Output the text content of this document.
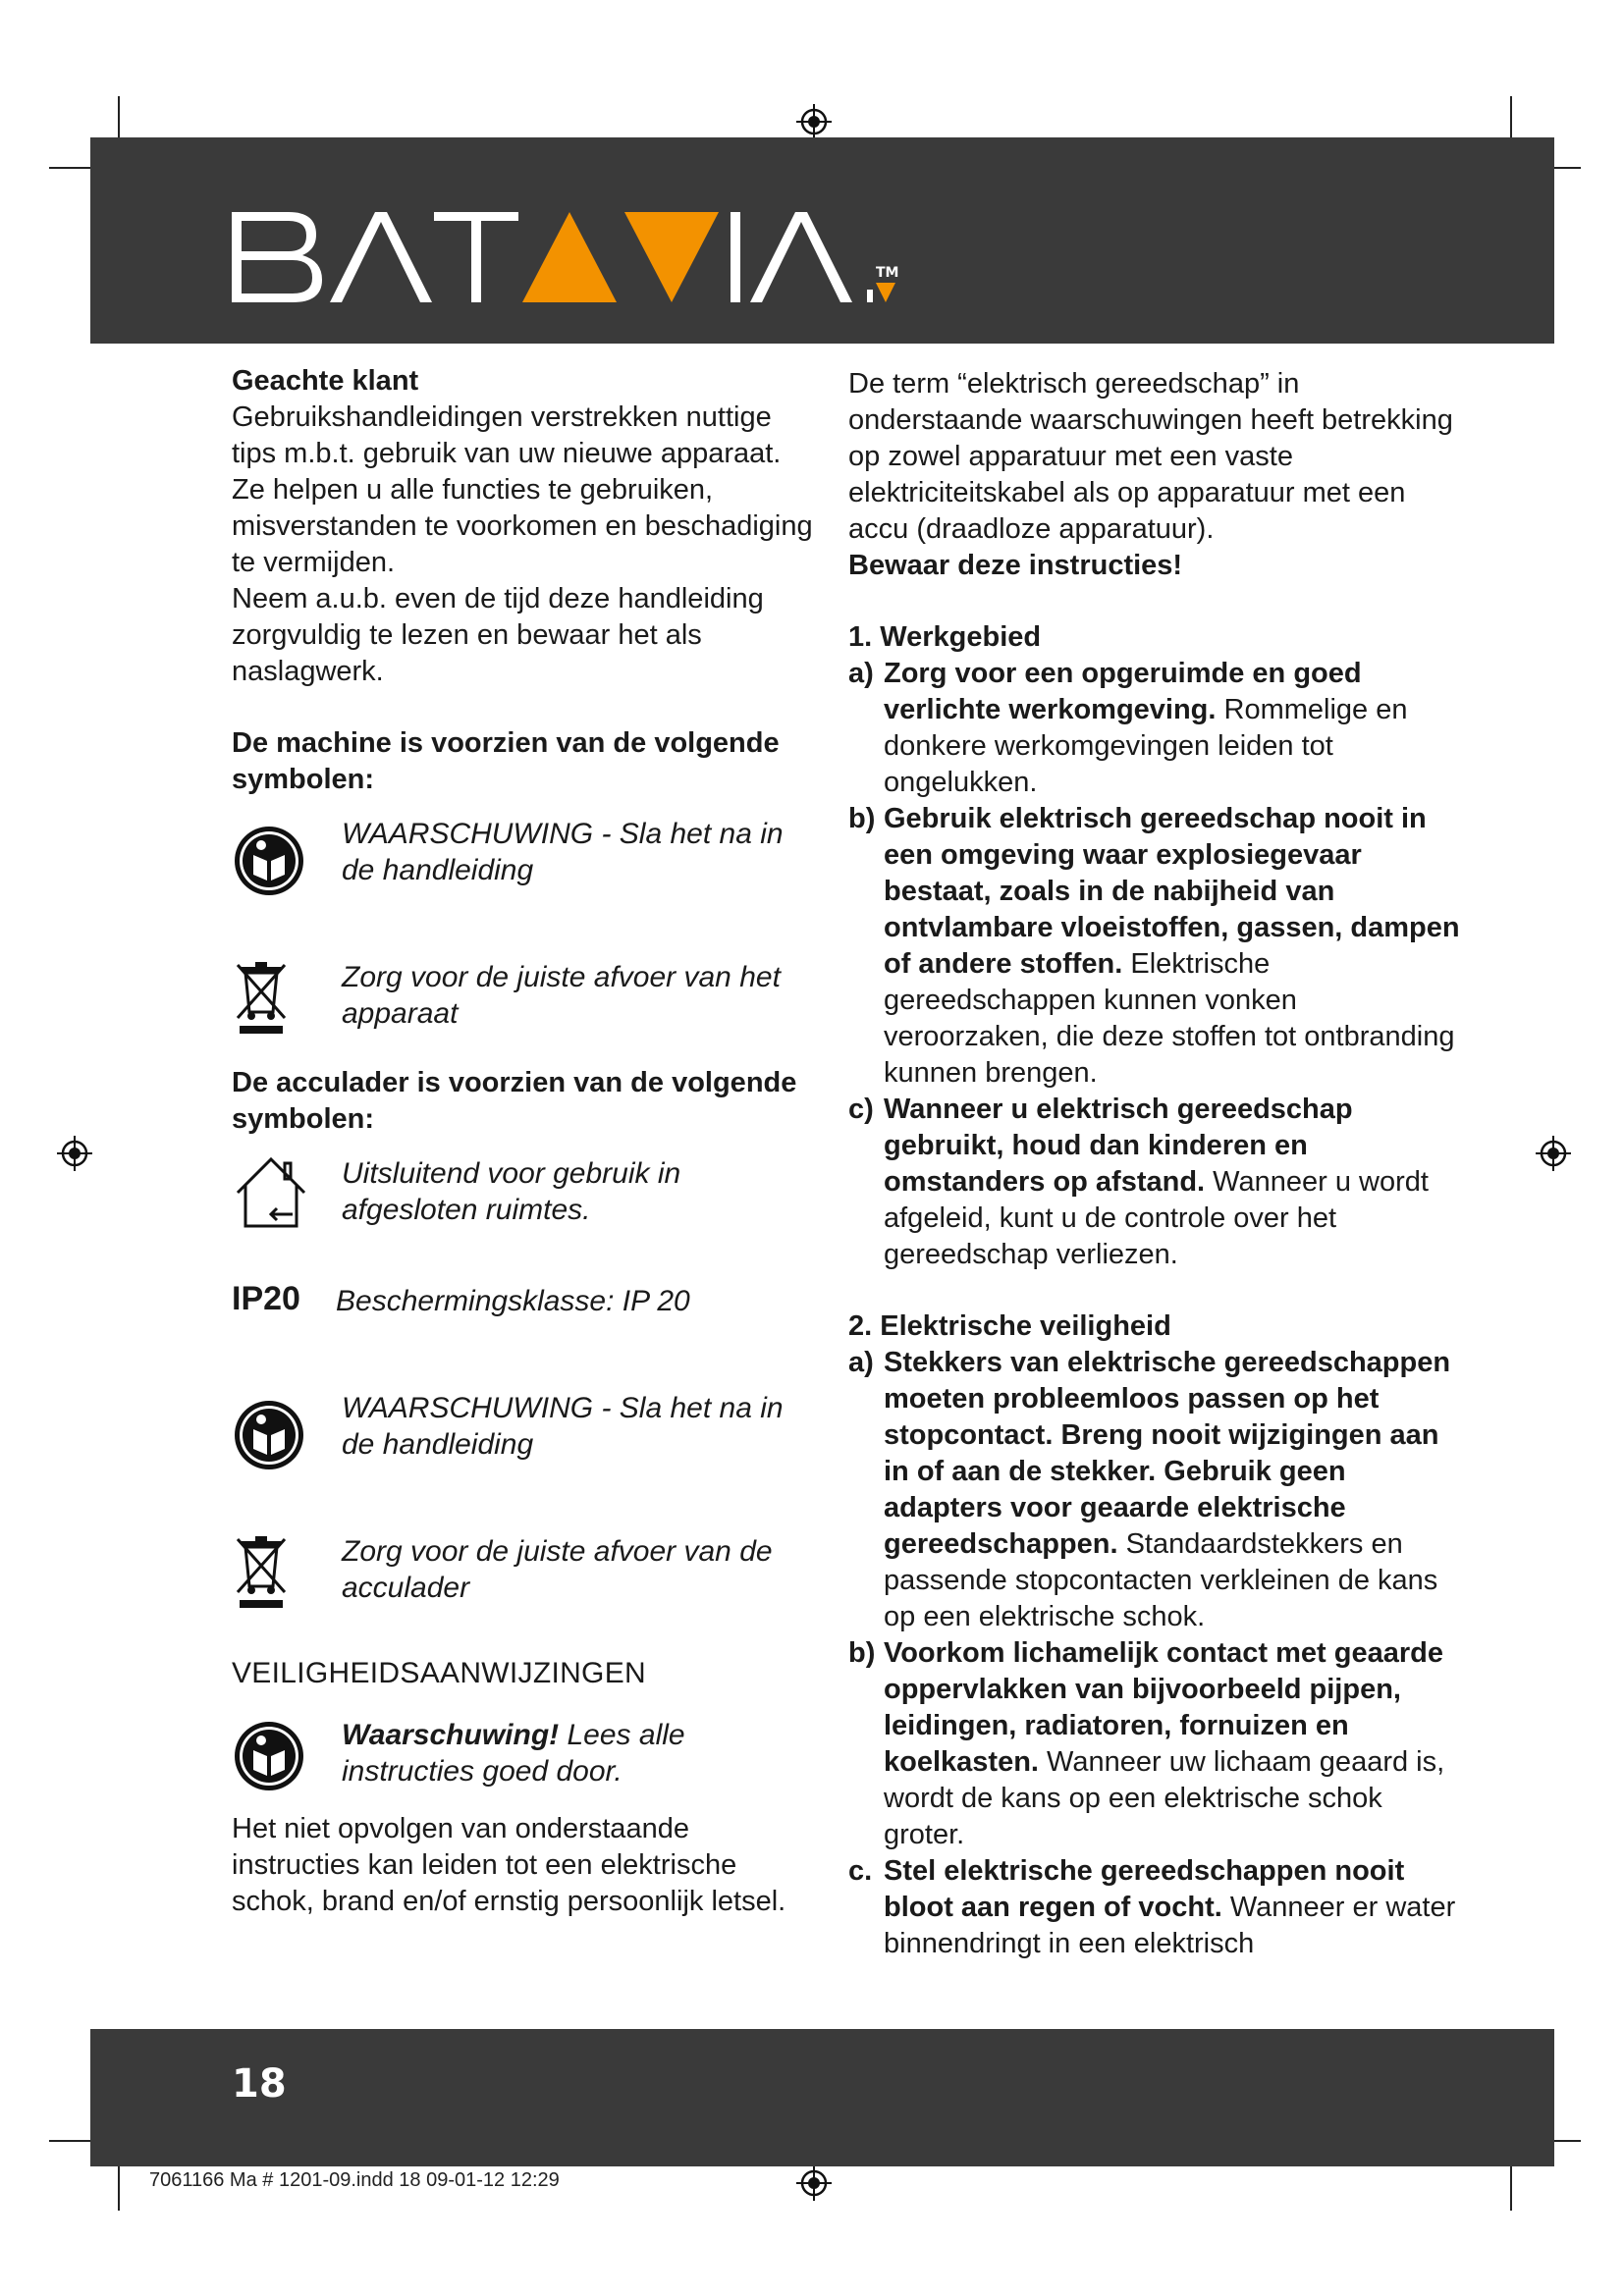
TM
Geachte klant
Gebruikshandleidingen verstrekken nuttige tips m.b.t. gebruik van uw nieuwe apparaat. Ze helpen u alle functies te gebruiken, misverstanden te voorkomen en beschadiging te vermijden.
Neem a.u.b. even de tijd deze handleiding zorgvuldig te lezen en bewaar het als naslagwerk.
De machine is voorzien van de volgende symbolen:
WAARSCHUWING - Sla het na in de handleiding
Zorg voor de juiste afvoer van het apparaat
De acculader is voorzien van de volgende symbolen:
Uitsluitend voor gebruik in afgesloten ruimtes.
IP20	Beschermingsklasse: IP 20
WAARSCHUWING - Sla het na in de handleiding
Zorg voor de juiste afvoer van de acculader
VEILIGHEIDSAANWIJZINGEN
Waarschuwing! Lees alle instructies goed door.
Het niet opvolgen van onderstaande instructies kan leiden tot een elektrische schok, brand en/of ernstig persoonlijk letsel.
De term “elektrisch gereedschap” in onderstaande waarschuwingen heeft betrekking op zowel apparatuur met een vaste elektriciteitskabel als op apparatuur met een accu (draadloze apparatuur).
Bewaar deze instructies!
1. Werkgebied
a) Zorg voor een opgeruimde en goed verlichte werkomgeving. Rommelige en donkere werkomgevingen leiden tot ongelukken.
b) Gebruik elektrisch gereedschap nooit in een omgeving waar explosiegevaar bestaat, zoals in de nabijheid van ontvlambare vloeistoffen, gassen, dampen of andere stoffen. Elektrische gereedschappen kunnen vonken veroorzaken, die deze stoffen tot ontbranding kunnen brengen.
c) Wanneer u elektrisch gereedschap gebruikt, houd dan kinderen en omstanders op afstand. Wanneer u wordt afgeleid, kunt u de controle over het gereedschap verliezen.
2. Elektrische veiligheid
a) Stekkers van elektrische gereedschappen moeten probleemloos passen op het stopcontact. Breng nooit wijzigingen aan in of aan de stekker. Gebruik geen adapters voor geaarde elektrische gereedschappen. Standaardstekkers en passende stopcontacten verkleinen de kans op een elektrische schok.
b) Voorkom lichamelijk contact met geaarde oppervlakken van bijvoorbeeld pijpen, leidingen, radiatoren, fornuizen en koelkasten. Wanneer uw lichaam geaard is, wordt de kans op een elektrische schok groter.
c. Stel elektrische gereedschappen nooit bloot aan regen of vocht. Wanneer er water binnendringt in een elektrisch
18
7061166 Ma # 1201-09.indd 18 09-01-12 12:29
